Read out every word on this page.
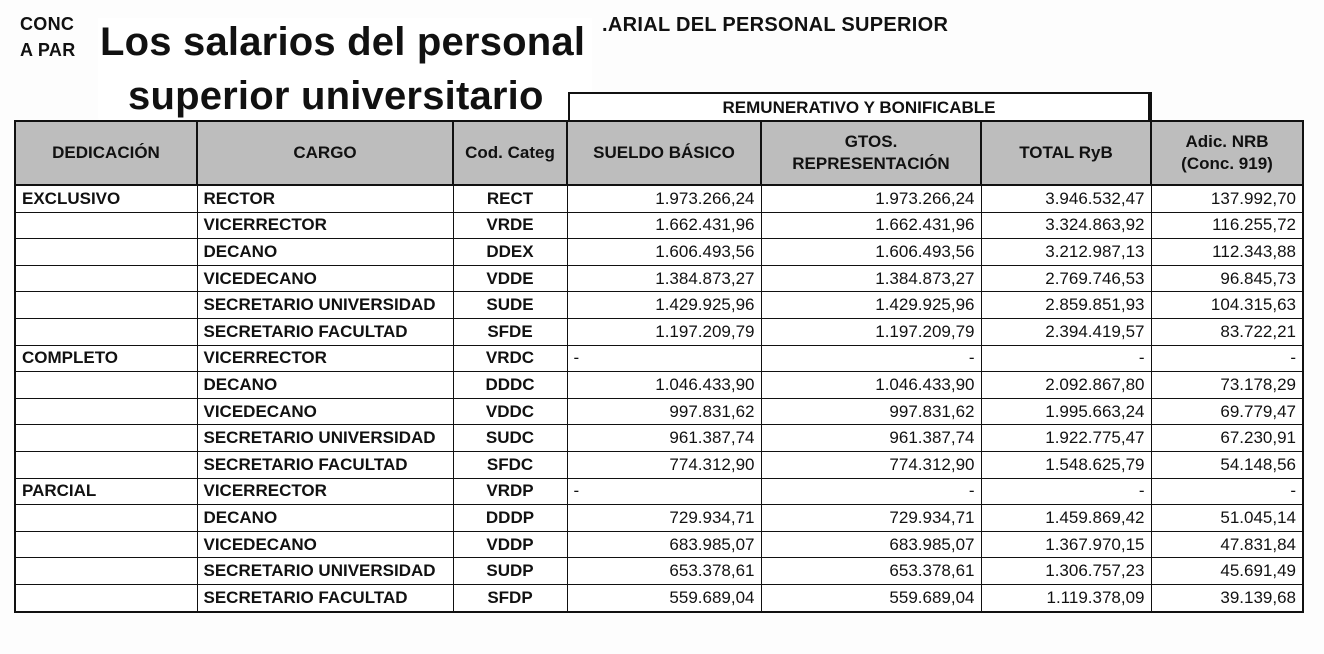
CONC
A PAR
.ARIAL DEL PERSONAL SUPERIOR
Los salarios del personal
superior universitario	REMUNERATIVO Y BONIFICABLE
DEDICACIÓN	CARGO	Cod. Categ	SUELDO BÁSICO	GTOS. REPRESENTACIÓN	TOTAL RyB	Adic. NRB (Conc. 919)
EXCLUSIVO	RECTOR	RECT	1.973.266,24	1.973.266,24	3.946.532,47	137.992,70
	VICERRECTOR	VRDE	1.662.431,96	1.662.431,96	3.324.863,92	116.255,72
	DECANO	DDEX	1.606.493,56	1.606.493,56	3.212.987,13	112.343,88
	VICEDECANO	VDDE	1.384.873,27	1.384.873,27	2.769.746,53	96.845,73
	SECRETARIO UNIVERSIDAD	SUDE	1.429.925,96	1.429.925,96	2.859.851,93	104.315,63
	SECRETARIO FACULTAD	SFDE	1.197.209,79	1.197.209,79	2.394.419,57	83.722,21
COMPLETO	VICERRECTOR	VRDC	-	-	-	-
	DECANO	DDDC	1.046.433,90	1.046.433,90	2.092.867,80	73.178,29
	VICEDECANO	VDDC	997.831,62	997.831,62	1.995.663,24	69.779,47
	SECRETARIO UNIVERSIDAD	SUDC	961.387,74	961.387,74	1.922.775,47	67.230,91
	SECRETARIO FACULTAD	SFDC	774.312,90	774.312,90	1.548.625,79	54.148,56
PARCIAL	VICERRECTOR	VRDP	-	-	-	-
	DECANO	DDDP	729.934,71	729.934,71	1.459.869,42	51.045,14
	VICEDECANO	VDDP	683.985,07	683.985,07	1.367.970,15	47.831,84
	SECRETARIO UNIVERSIDAD	SUDP	653.378,61	653.378,61	1.306.757,23	45.691,49
	SECRETARIO FACULTAD	SFDP	559.689,04	559.689,04	1.119.378,09	39.139,68
